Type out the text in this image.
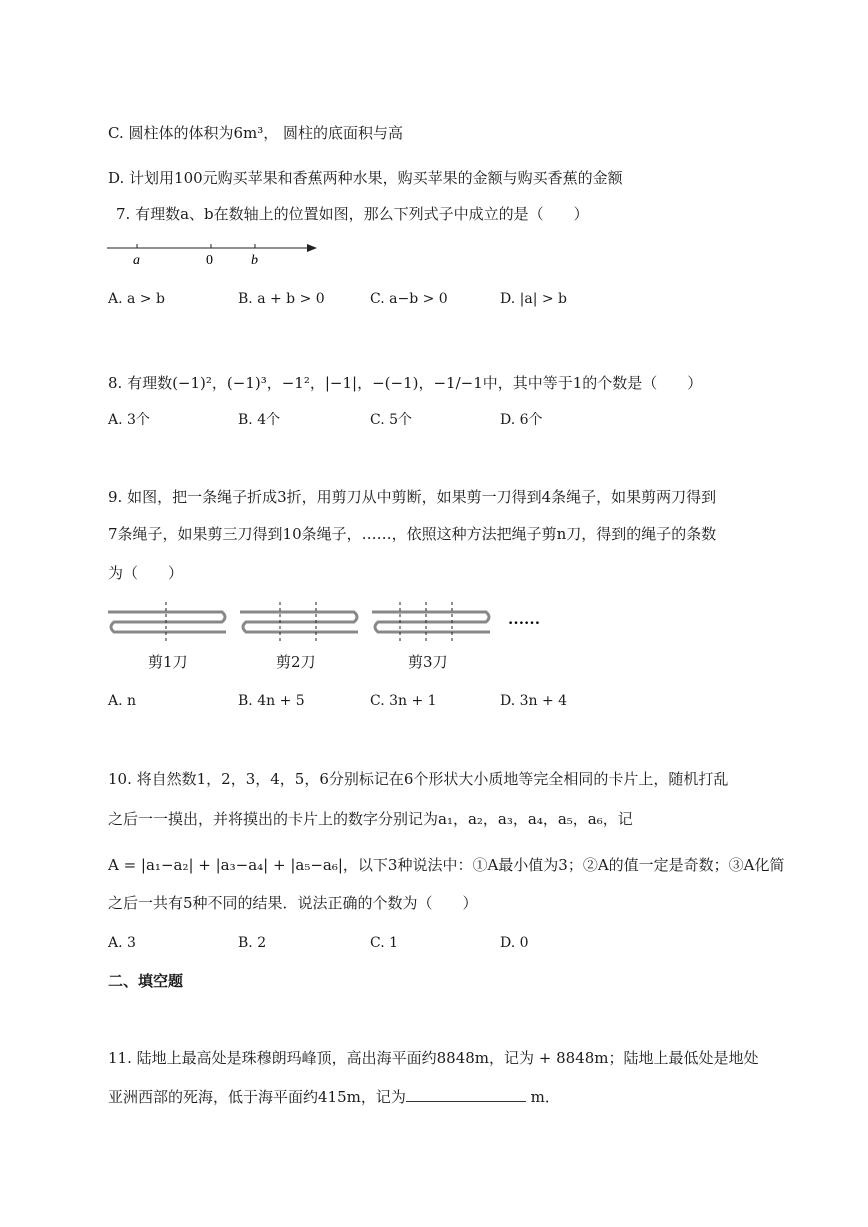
C. 圆柱体的体积为6m³， 圆柱的底面积与高
D. 计划用100元购买苹果和香蕉两种水果，购买苹果的金额与购买香蕉的金额
7. 有理数a、b在数轴上的位置如图，那么下列式子中成立的是（　　）
a	0	b
A. a > b	B. a + b > 0	C. a−b > 0	D. |a| > b
8. 有理数(−1)²，(−1)³，−1²，|−1|，−(−1)，−1/−1中，其中等于1的个数是（　　）
A. 3个	B. 4个	C. 5个	D. 6个
9. 如图，把一条绳子折成3折，用剪刀从中剪断，如果剪一刀得到4条绳子，如果剪两刀得到
7条绳子，如果剪三刀得到10条绳子，……，依照这种方法把绳子剪n刀，得到的绳子的条数
为（　　）
……
剪1刀	剪2刀	剪3刀
A. n	B. 4n + 5	C. 3n + 1	D. 3n + 4
10. 将自然数1，2，3，4，5，6分别标记在6个形状大小质地等完全相同的卡片上，随机打乱
之后一一摸出，并将摸出的卡片上的数字分别记为a₁，a₂，a₃，a₄，a₅，a₆，记
A = |a₁−a₂| + |a₃−a₄| + |a₅−a₆|，以下3种说法中：①A最小值为3；②A的值一定是奇数；③A化简
之后一共有5种不同的结果．说法正确的个数为（　　）
A. 3	B. 2	C. 1	D. 0
二、填空题
11. 陆地上最高处是珠穆朗玛峰顶，高出海平面约8848m，记为 + 8848m；陆地上最低处是地处
亚洲西部的死海，低于海平面约415m，记为	m．
